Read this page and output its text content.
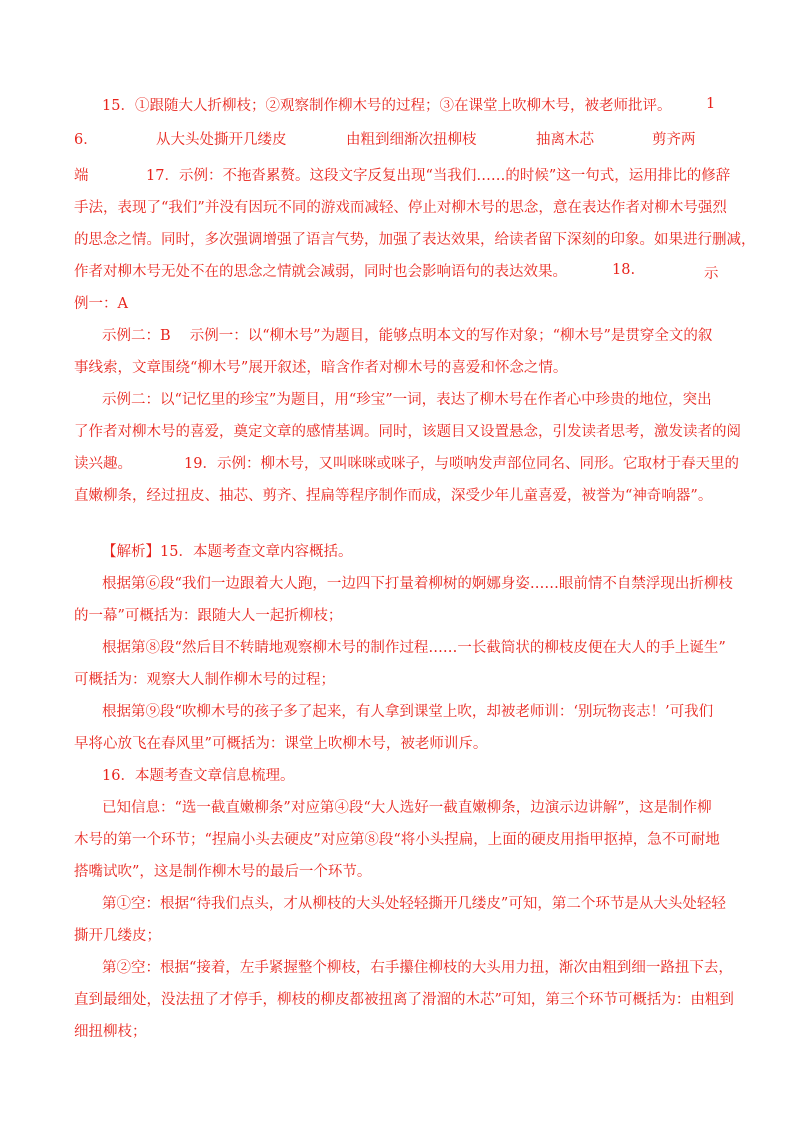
15．①跟随大人折柳枝；②观察制作柳木号的过程；③在课堂上吹柳木号，被老师批评。 1
6．	从大头处撕开几缕皮	由粗到细渐次扭柳枝	抽离木芯	剪齐两
端	17．示例：不拖沓累赘。这段文字反复出现“当我们……的时候”这一句式，运用排比的修辞
手法，表现了“我们”并没有因玩不同的游戏而减轻、停止对柳木号的思念，意在表达作者对柳木号强烈
的思念之情。同时，多次强调增强了语言气势，加强了表达效果，给读者留下深刻的印象。如果进行删减，
作者对柳木号无处不在的思念之情就会减弱，同时也会影响语句的表达效果。	18.	示
例一：A
示例二：B　 示例一：以“柳木号”为题目，能够点明本文的写作对象；“柳木号”是贯穿全文的叙
事线索，文章围绕“柳木号”展开叙述，暗含作者对柳木号的喜爱和怀念之情。
示例二：以“记忆里的珍宝”为题目，用“珍宝”一词，表达了柳木号在作者心中珍贵的地位，突出
了作者对柳木号的喜爱，奠定文章的感情基调。同时，该题目又设置悬念，引发读者思考，激发读者的阅
读兴趣。	19．示例：柳木号，又叫咪咪或咪子，与唢呐发声部位同名、同形。它取材于春天里的
直嫩柳条，经过扭皮、抽芯、剪齐、捏扁等程序制作而成，深受少年儿童喜爱，被誉为“神奇响器”。
【解析】15．本题考查文章内容概括。
根据第⑥段“我们一边跟着大人跑，一边四下打量着柳树的婀娜身姿……眼前情不自禁浮现出折柳枝
的一幕”可概括为：跟随大人一起折柳枝；
根据第⑧段“然后目不转睛地观察柳木号的制作过程……一长截筒状的柳枝皮便在大人的手上诞生”
可概括为：观察大人制作柳木号的过程；
根据第⑨段“吹柳木号的孩子多了起来，有人拿到课堂上吹，却被老师训：‘别玩物丧志！’可我们
早将心放飞在春风里”可概括为：课堂上吹柳木号，被老师训斥。
16．本题考查文章信息梳理。
已知信息：“选一截直嫩柳条”对应第④段“大人选好一截直嫩柳条，边演示边讲解”，这是制作柳
木号的第一个环节；“捏扁小头去硬皮”对应第⑧段“将小头捏扁，上面的硬皮用指甲抠掉，急不可耐地
搭嘴试吹”，这是制作柳木号的最后一个环节。
第①空：根据“待我们点头，才从柳枝的大头处轻轻撕开几缕皮”可知，第二个环节是从大头处轻轻
撕开几缕皮；
第②空：根据“接着，左手紧握整个柳枝，右手攥住柳枝的大头用力扭，渐次由粗到细一路扭下去，
直到最细处，没法扭了才停手，柳枝的柳皮都被扭离了滑溜的木芯”可知，第三个环节可概括为：由粗到
细扭柳枝；
